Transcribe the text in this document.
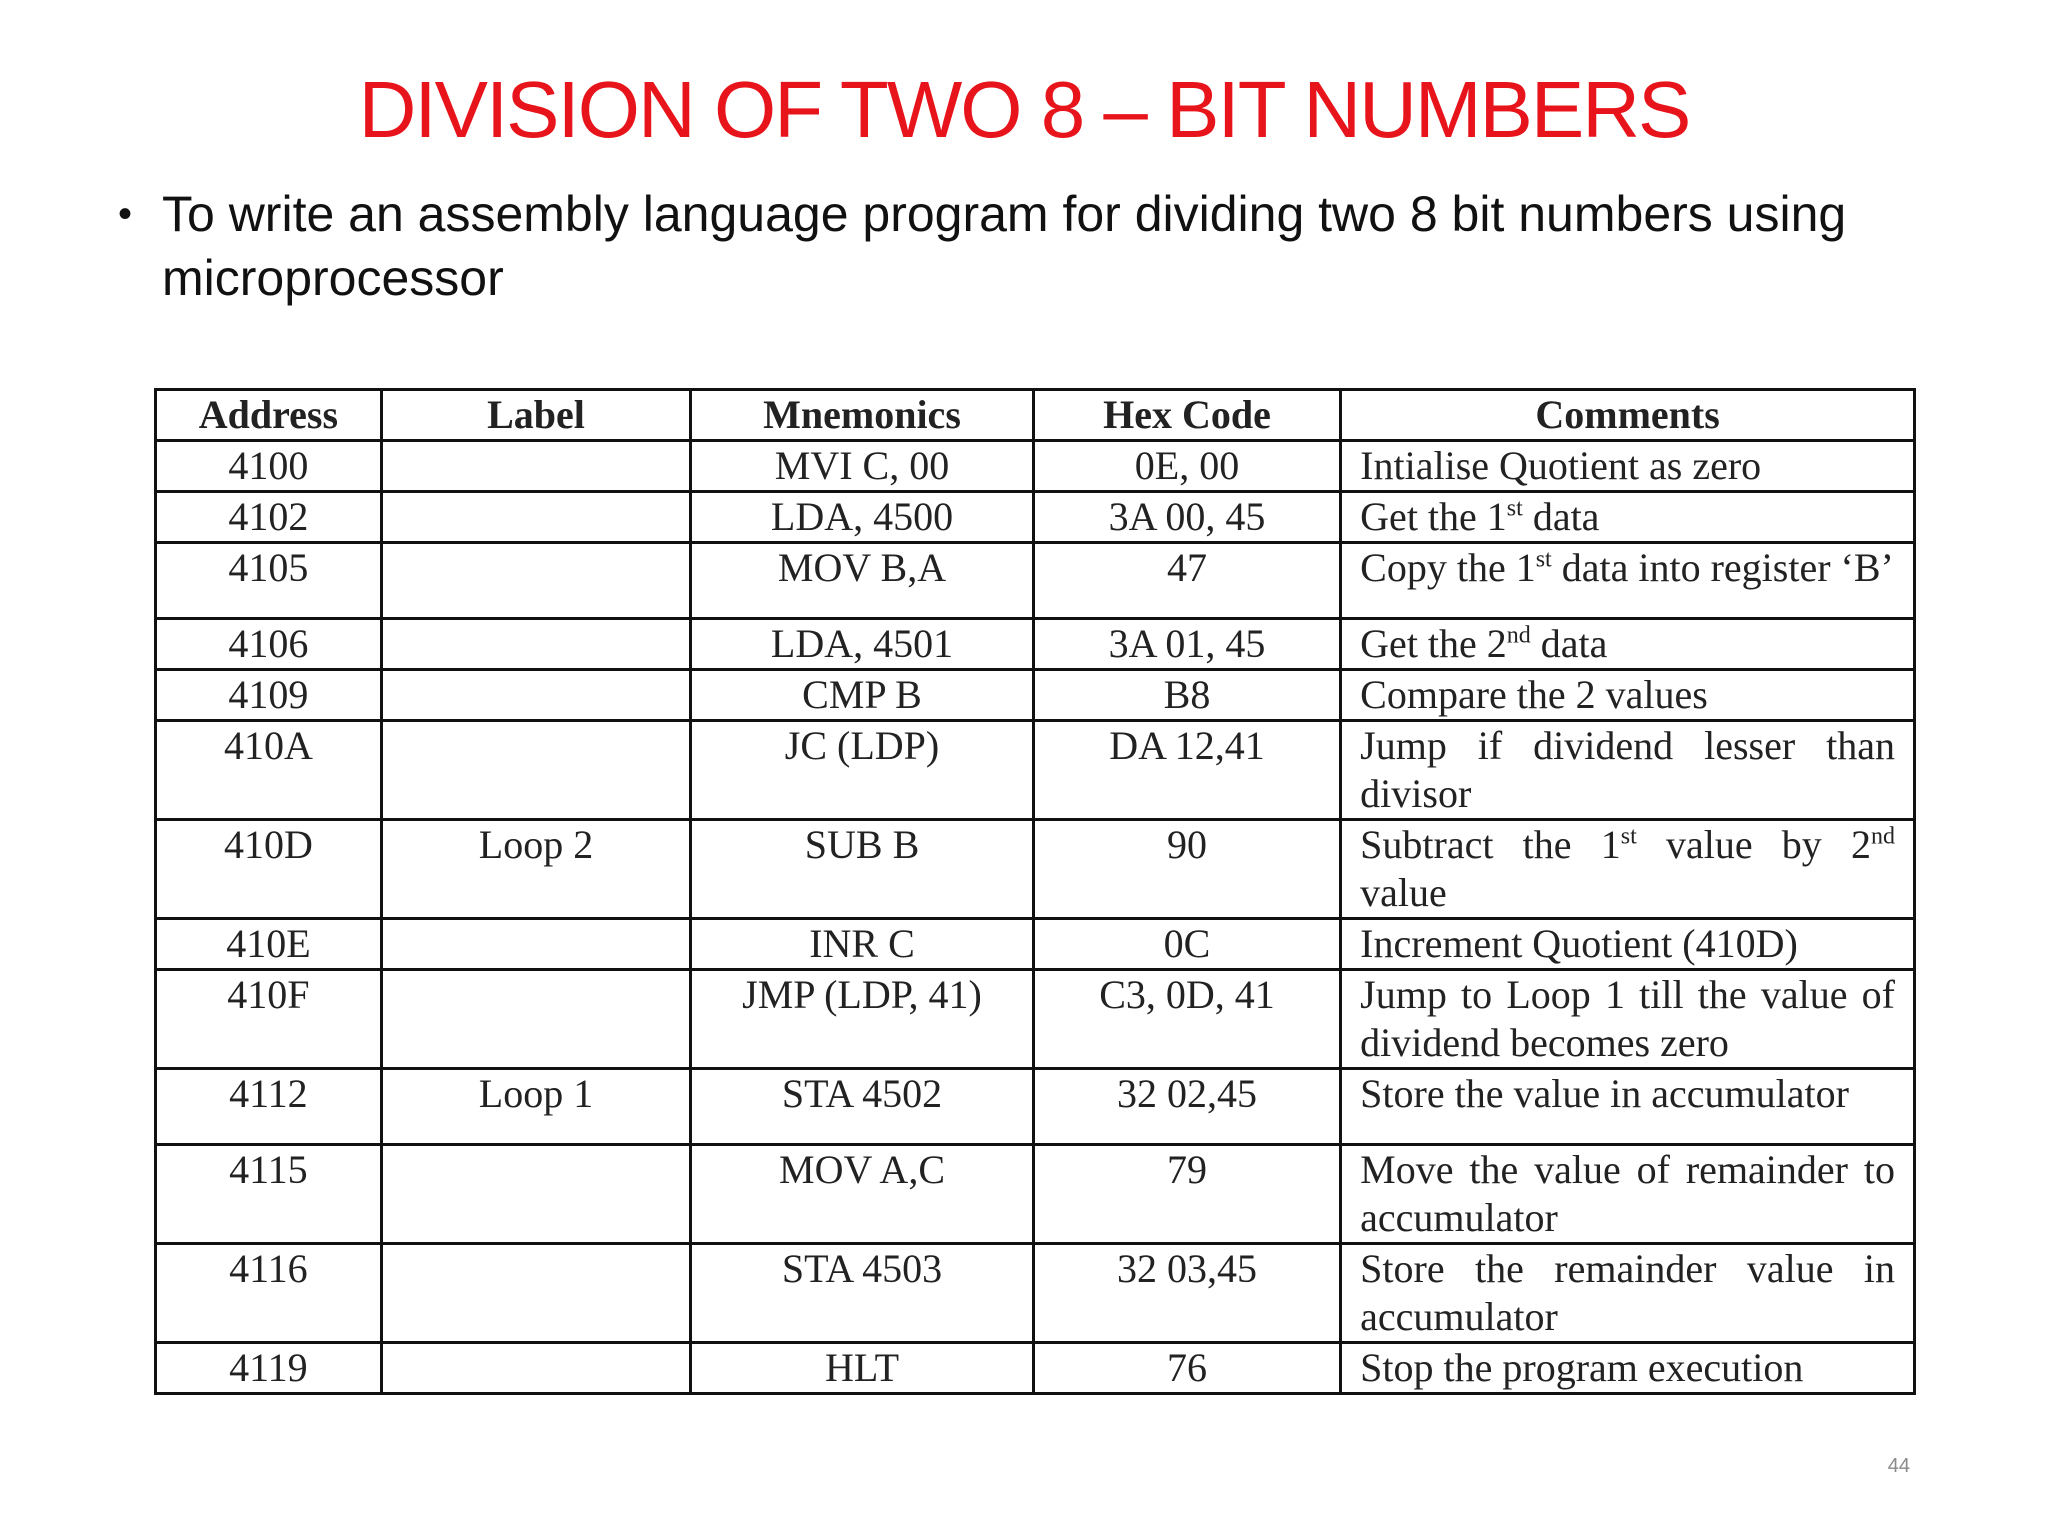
DIVISION OF TWO 8 – BIT NUMBERS
• To write an assembly language program for dividing two 8 bit numbers using microprocessor
Address	Label	Mnemonics	Hex Code	Comments
4100		MVI C, 00	0E, 00	Intialise Quotient as zero
4102		LDA, 4500	3A 00, 45	Get the 1st data
4105		MOV B,A	47	Copy the 1st data into register ‘B’
4106		LDA, 4501	3A 01, 45	Get the 2nd data
4109		CMP B	B8	Compare the 2 values
410A		JC (LDP)	DA 12,41	Jump if dividend lesser than divisor
410D	Loop 2	SUB B	90	Subtract the 1st value by 2nd value
410E		INR C	0C	Increment Quotient (410D)
410F		JMP (LDP, 41)	C3, 0D, 41	Jump to Loop 1 till the value of dividend becomes zero
4112	Loop 1	STA 4502	32 02,45	Store the value in accumulator
4115		MOV A,C	79	Move the value of remainder to accumulator
4116		STA 4503	32 03,45	Store the remainder value in accumulator
4119		HLT	76	Stop the program execution
44
